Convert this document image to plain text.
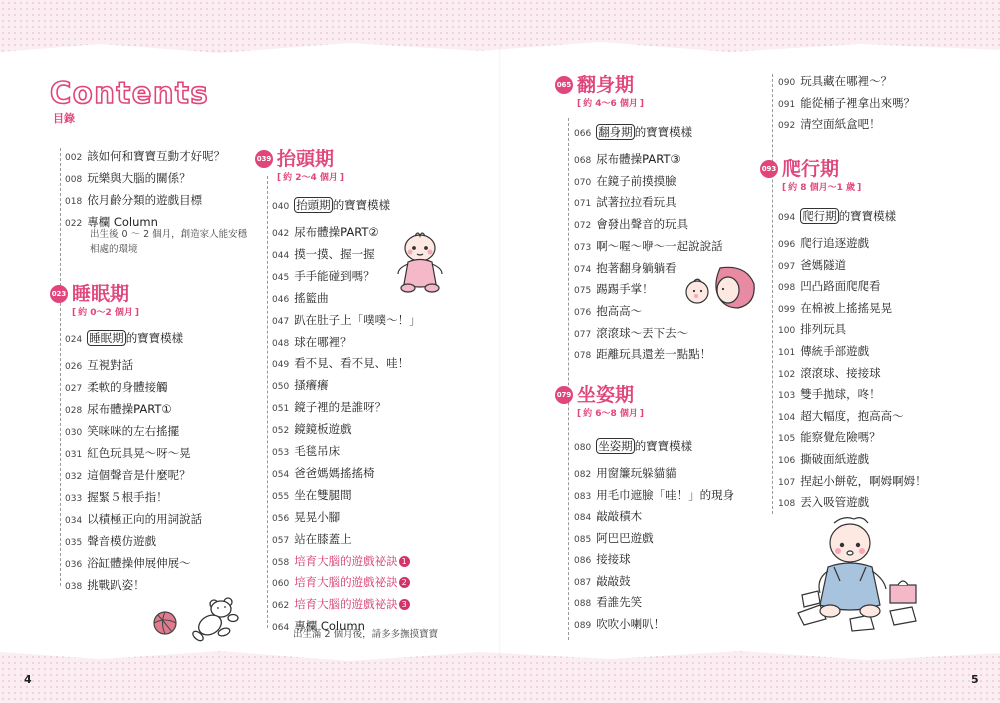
Contents
目錄
002 該如何和寶寶互動才好呢？
008 玩樂與大腦的關係？
018 依月齡分類的遊戲目標
022 專欄 Column
023 睡眠期
[ 約 0～2 個月 ]
024 睡眠期 的寶寶模樣
026 互視對話
027 柔軟的身體接觸
028 尿布體操PART①
030 笑咪咪的左右搖擺
031 紅色玩具晃～呀～晃
032 這個聲音是什麼呢？
033 握緊５根手指！
034 以積極正向的用詞說話
035 聲音模仿遊戲
036 浴缸體操伸展伸展～
038 挑戰趴姿！
039 抬頭期
[ 約 2～4 個月 ]
040 抬頭期 的寶寶模樣
042 尿布體操PART②
044 摸一摸、握一握
045 手手能碰到嗎？
046 搖籃曲
047 趴在肚子上「噗噗～！」
048 球在哪裡？
049 看不見、看不見、哇！
050 搔癢癢
051 鏡子裡的是誰呀？
052 鏡鏡板遊戲
053 毛毯吊床
054 爸爸媽媽搖搖椅
055 坐在雙腿間
056 晃晃小腳
057 站在膝蓋上
058 培育大腦的遊戲祕訣 1
060 培育大腦的遊戲祕訣 2
062 培育大腦的遊戲祕訣 3
064 專欄 Column
065 翻身期
[ 約 4～6 個月 ]
066 翻身期 的寶寶模樣
068 尿布體操PART③
070 在鏡子前摸摸臉
071 試著拉拉看玩具
072 會發出聲音的玩具
073 啊～喔～咿～一起說說話
074 抱著翻身躺躺看
075 踢踢手掌！
076 抱高高～
077 滾滾球～丟下去～
078 距離玩具還差一點點！
079 坐姿期
[ 約 6～8 個月 ]
080 坐姿期 的寶寶模樣
082 用窗簾玩躲貓貓
083 用毛巾遮臉「哇！」的現身
084 敲敲積木
085 阿巴巴遊戲
086 接接球
087 敲敲鼓
088 看誰先笑
089 吹吹小喇叭！
090 玩具藏在哪裡～？
091 能從桶子裡拿出來嗎？
092 清空面紙盒吧！
093 爬行期
[ 約 8 個月～1 歲 ]
094 爬行期 的寶寶模樣
096 爬行追逐遊戲
097 爸媽隧道
098 凹凸路面爬爬看
099 在棉被上搖搖晃晃
100 排列玩具
101 傳統手部遊戲
102 滾滾球、接接球
103 雙手拋球，咚！
104 超大幅度，抱高高～
105 能察覺危險嗎？
106 撕破面紙遊戲
107 捏起小餅乾，啊姆啊姆！
108 丟入吸管遊戲
出生後 0 ～ 2 個月，創造家人能安穩
相處的環境
出生滿 2 個月後，請多多撫摸寶寶
4	5
